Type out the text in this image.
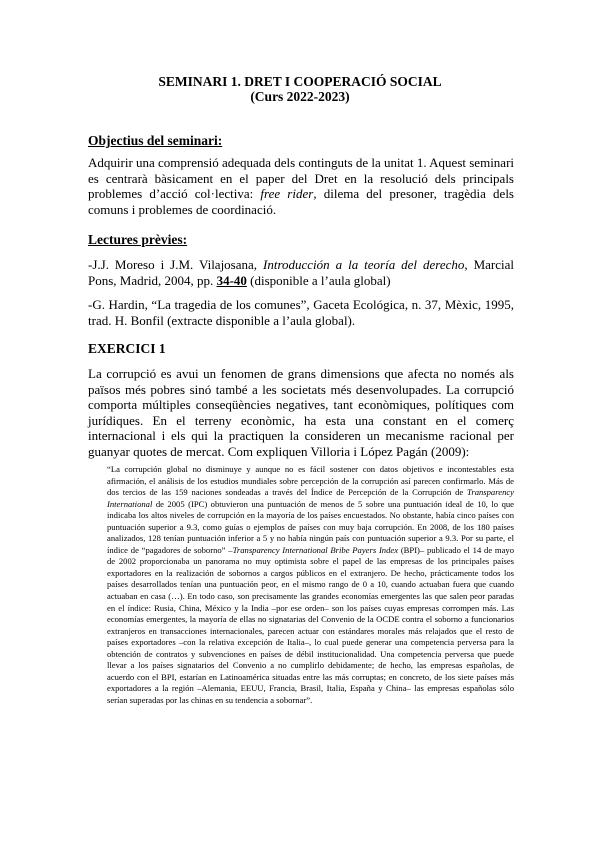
SEMINARI 1. DRET I COOPERACIÓ SOCIAL
(Curs 2022-2023)
Objectius del seminari:

Adquirir una comprensió adequada dels continguts de la unitat 1. Aquest seminari es centrarà bàsicament en el paper del Dret en la resolució dels principals problemes d’acció col·lectiva: free rider, dilema del presoner, tragèdia dels comuns i problemes de coordinació.

Lectures prèvies:

-J.J. Moreso i J.M. Vilajosana, Introducción a la teoría del derecho, Marcial Pons, Madrid, 2004, pp. 34-40 (disponible a l’aula global)

-G. Hardin, “La tragedia de los comunes”, Gaceta Ecológica, n. 37, Mèxic, 1995, trad. H. Bonfil (extracte disponible a l’aula global).

EXERCICI 1

La corrupció es avui un fenomen de grans dimensions que afecta no només als països més pobres sinó també a les societats més desenvolupades. La corrupció comporta múltiples conseqüències negatives, tant econòmiques, polítiques com jurídiques. En el terreny econòmic, ha esta una constant en el comerç internacional i els qui la practiquen la consideren un mecanisme racional per guanyar quotes de mercat. Com expliquen Villoria i López Pagán (2009):

“La corrupción global no disminuye y aunque no es fácil sostener con datos objetivos e incontestables esta afirmación, el análisis de los estudios mundiales sobre percepción de la corrupción así parecen confirmarlo. Más de dos tercios de las 159 naciones sondeadas a través del Índice de Percepción de la Corrupción de Transparency International de 2005 (IPC) obtuvieron una puntuación de menos de 5 sobre una puntuación ideal de 10, lo que indicaba los altos niveles de corrupción en la mayoría de los países encuestados. No obstante, había cinco países con puntuación superior a 9.3, como guías o ejemplos de países con muy baja corrupción. En 2008, de los 180 países analizados, 128 tenían puntuación inferior a 5 y no había ningún país con puntuación superior a 9.3. Por su parte, el índice de “pagadores de soborno” –Transparency International Bribe Payers Index (BPI)– publicado el 14 de mayo de 2002 proporcionaba un panorama no muy optimista sobre el papel de las empresas de los principales países exportadores en la realización de sobornos a cargos públicos en el extranjero. De hecho, prácticamente todos los países desarrollados tenían una puntuación peor, en el mismo rango de 0 a 10, cuando actuaban fuera que cuando actuaban en casa (…). En todo caso, son precisamente las grandes economías emergentes las que salen peor paradas en el índice: Rusia, China, México y la India –por ese orden– son los países cuyas empresas corrompen más. Las economías emergentes, la mayoría de ellas no signatarias del Convenio de la OCDE contra el soborno a funcionarios extranjeros en transacciones internacionales, parecen actuar con estándares morales más relajados que el resto de países exportadores –con la relativa excepción de Italia–, lo cual puede generar una competencia perversa para la obtención de contratos y subvenciones en países de débil institucionalidad. Una competencia perversa que puede llevar a los países signatarios del Convenio a no cumplirlo debidamente; de hecho, las empresas españolas, de acuerdo con el BPI, estarían en Latinoamérica situadas entre las más corruptas; en concreto, de los siete países más exportadores a la región –Alemania, EEUU, Francia, Brasil, Italia, España y China– las empresas españolas sólo serían superadas por las chinas en su tendencia a sobornar”.
